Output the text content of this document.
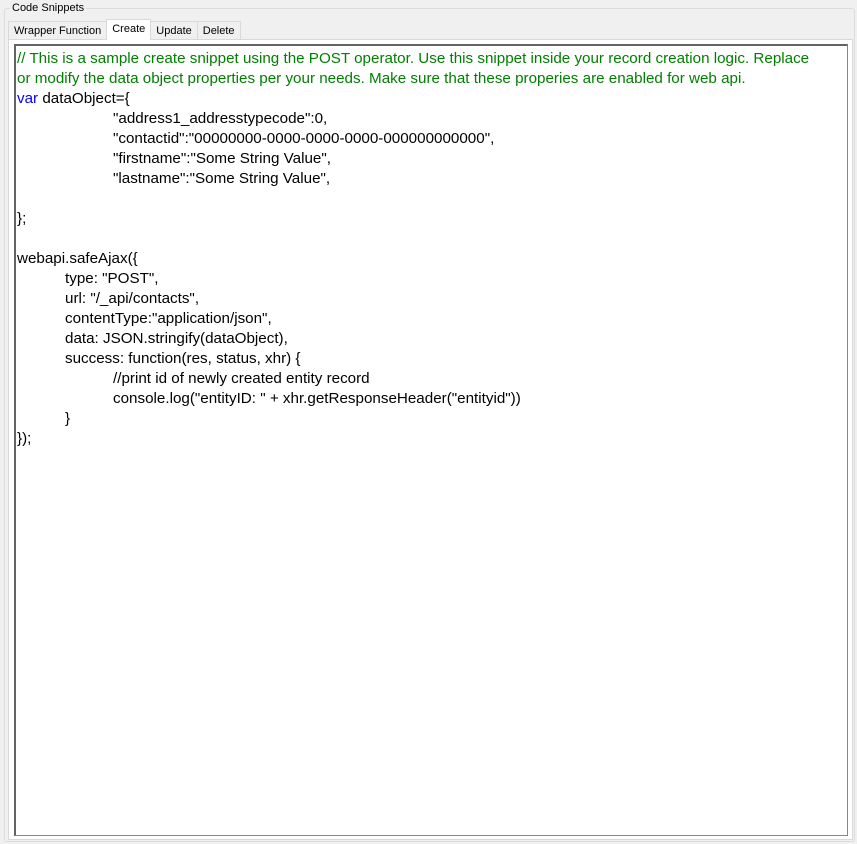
Code Snippets
Wrapper Function	Create	Update	Delete
// This is a sample create snippet using the POST operator. Use this snippet inside your record creation logic. Replace
or modify the data object properties per your needs. Make sure that these properies are enabled for web api.
var dataObject={
"address1_addresstypecode":0,
"contactid":"00000000-0000-0000-0000-000000000000",
"firstname":"Some String Value",
"lastname":"Some String Value",
};
webapi.safeAjax({
type: "POST",
url: "/_api/contacts",
contentType:"application/json",
data: JSON.stringify(dataObject),
success: function(res, status, xhr) {
//print id of newly created entity record
console.log("entityID: " + xhr.getResponseHeader("entityid"))
}
});
